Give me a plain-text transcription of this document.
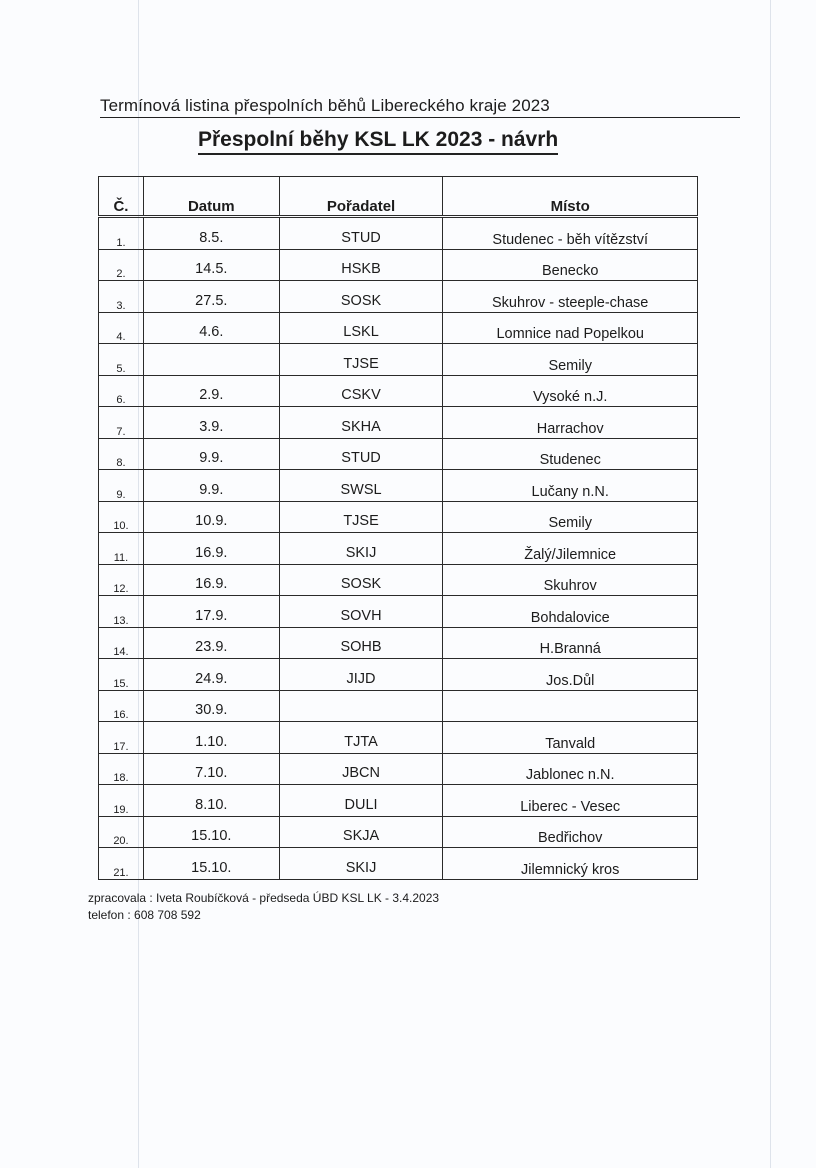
Termínová listina přespolních běhů Libereckého kraje 2023
Přespolní běhy KSL LK 2023 - návrh
Č.	Datum	Pořadatel	Místo
1.	8.5.	STUD	Studenec - běh vítězství
2.	14.5.	HSKB	Benecko
3.	27.5.	SOSK	Skuhrov - steeple-chase
4.	4.6.	LSKL	Lomnice nad Popelkou
5.		TJSE	Semily
6.	2.9.	CSKV	Vysoké n.J.
7.	3.9.	SKHA	Harrachov
8.	9.9.	STUD	Studenec
9.	9.9.	SWSL	Lučany n.N.
10.	10.9.	TJSE	Semily
11.	16.9.	SKIJ	Žalý/Jilemnice
12.	16.9.	SOSK	Skuhrov
13.	17.9.	SOVH	Bohdalovice
14.	23.9.	SOHB	H.Branná
15.	24.9.	JIJD	Jos.Důl
16.	30.9.		
17.	1.10.	TJTA	Tanvald
18.	7.10.	JBCN	Jablonec n.N.
19.	8.10.	DULI	Liberec - Vesec
20.	15.10.	SKJA	Bedřichov
21.	15.10.	SKIJ	Jilemnický kros
zpracovala : Iveta Roubíčková - předseda ÚBD KSL LK - 3.4.2023
telefon : 608 708 592
